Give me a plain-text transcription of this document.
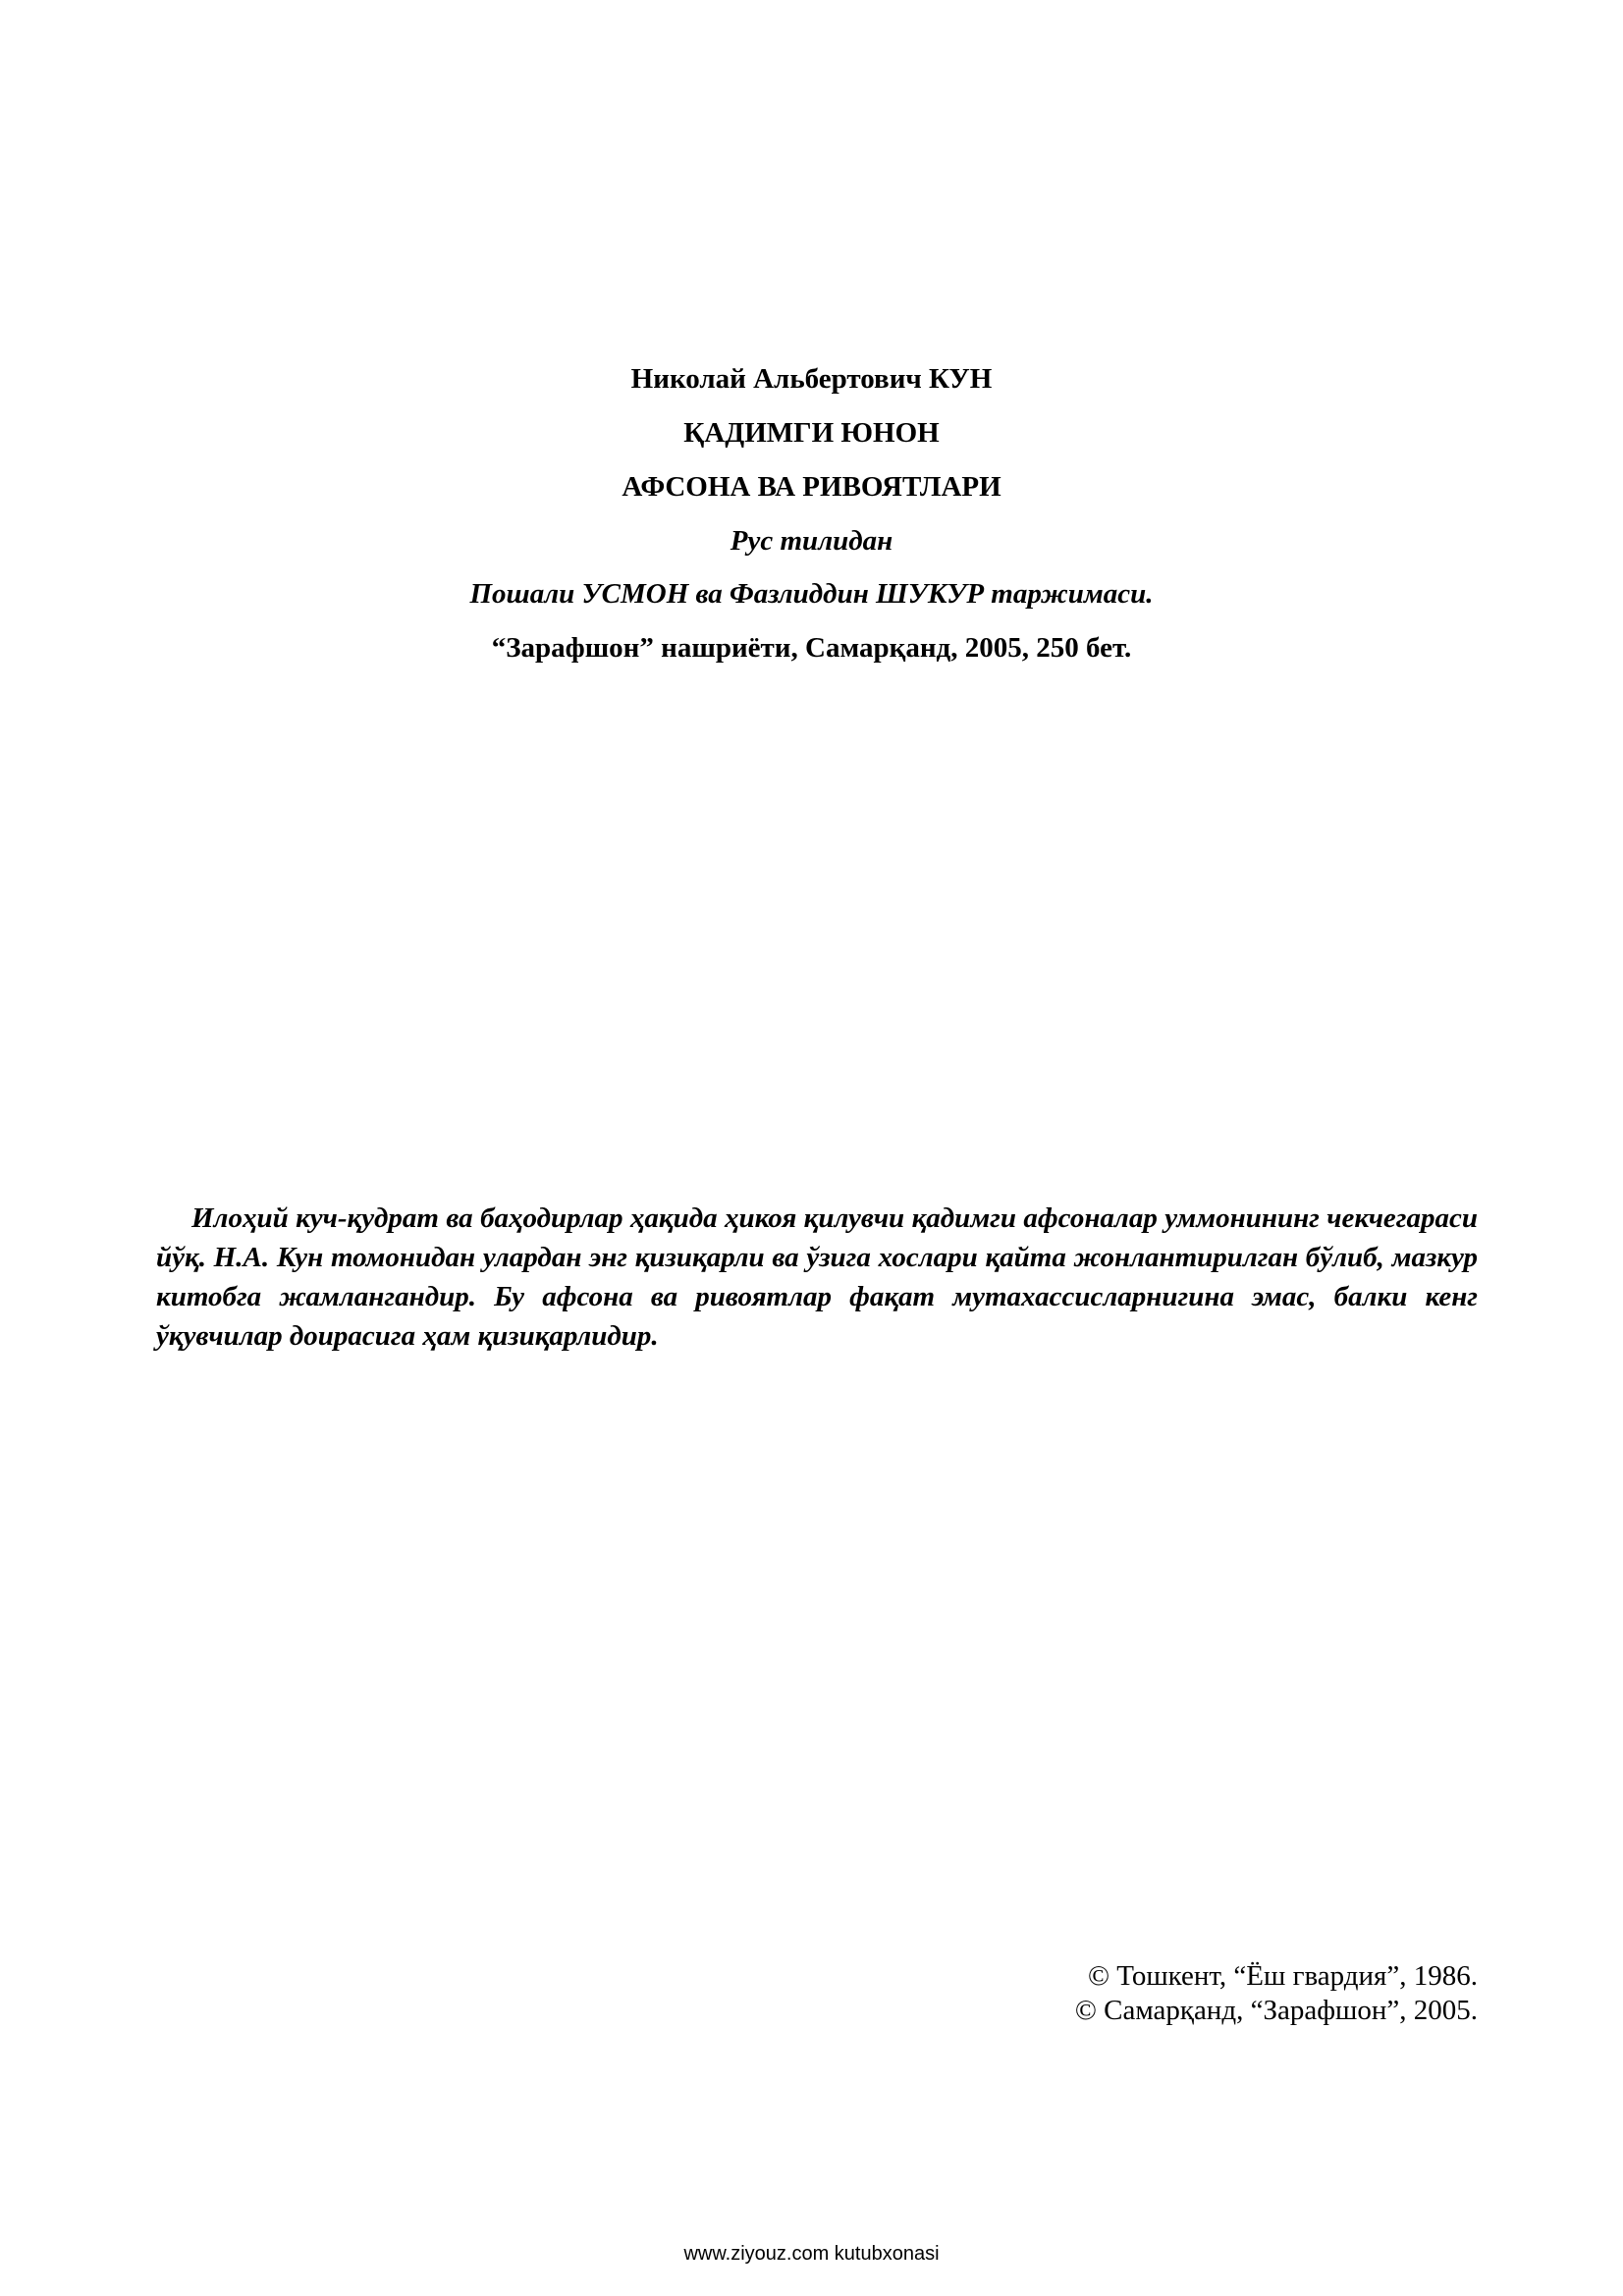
Николай Альбертович КУН
ҚАДИМГИ ЮНОН
АФСОНА ВА РИВОЯТЛАРИ
Рус тилидан
Пошали УСМОН ва Фазлиддин ШУКУР таржимаси.
“Зарафшон” нашриёти, Самарқанд, 2005, 250 бет.
Илоҳий куч-қудрат ва баҳодирлар ҳақида ҳикоя қилувчи қадимги афсоналар уммонининг чекчегараси йўқ. Н.А. Кун томонидан улардан энг қизиқарли ва ўзига хослари қайта жонлантирилган бўлиб, мазкур китобга жамлангандир. Бу афсона ва ривоятлар фақат мутахассисларнигина эмас, балки кенг ўқувчилар доирасига ҳам қизиқарлидир.
© Тошкент, “Ёш гвардия”, 1986.
© Самарқанд, “Зарафшон”, 2005.
www.ziyouz.com kutubxonasi
